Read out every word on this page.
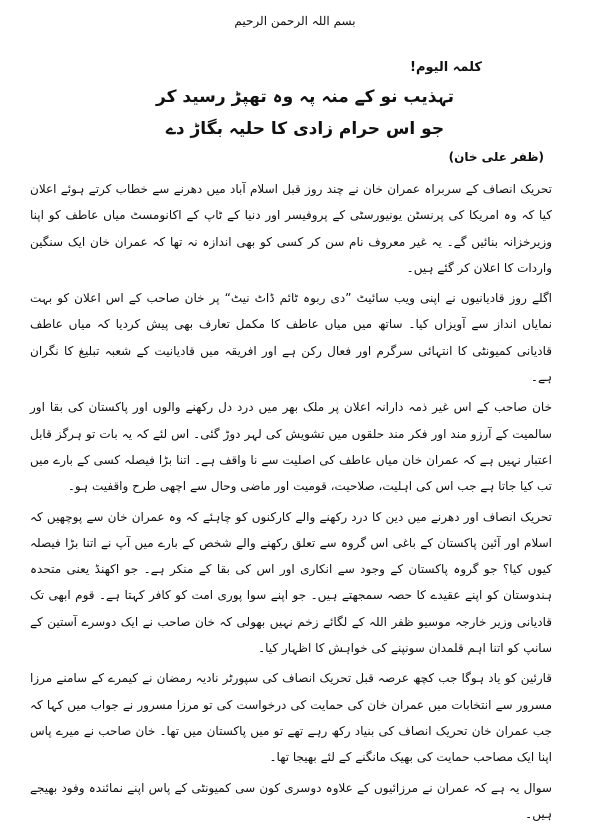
بسم اللہ الرحمن الرحیم
کلمہ الیوم!
تہذیب نو کے منہ پہ وہ تھپڑ رسید کر
جو اس حرام زادی کا حلیہ بگاڑ دے
(ظفر علی خان)

تحریک انصاف کے سربراہ عمران خان نے چند روز قبل اسلام آباد میں دھرنے سے خطاب کرتے ہوئے اعلان کیا کہ وہ امریکا کی پرنسٹن یونیورسٹی کے پروفیسر اور دنیا کے ٹاپ کے اکانومسٹ میاں عاطف کو اپنا وزیرخزانہ بنائیں گے۔ یہ غیر معروف نام سن کر کسی کو بھی اندازہ نہ تھا کہ عمران خان ایک سنگین واردات کا اعلان کر گئے ہیں۔

اگلے روز قادیانیوں نے اپنی ویب سائیٹ ”دی ربوہ ٹائم ڈاٹ نیٹ“ پر خان صاحب کے اس اعلان کو بہت نمایاں انداز سے آویزاں کیا۔ ساتھ میں میاں عاطف کا مکمل تعارف بھی پیش کردیا کہ میاں عاطف قادیانی کمیونٹی کا انتہائی سرگرم اور فعال رکن ہے اور افریقہ میں قادیانیت کے شعبہ تبلیغ کا نگران ہے۔

خان صاحب کے اس غیر ذمہ دارانہ اعلان پر ملک بھر میں درد دل رکھنے والوں اور پاکستان کی بقا اور سالمیت کے آرزو مند اور فکر مند حلقوں میں تشویش کی لہر دوڑ گئی۔ اس لئے کہ یہ بات تو ہرگز قابل اعتبار نہیں ہے کہ عمران خان میاں عاطف کی اصلیت سے نا واقف ہے۔ اتنا بڑا فیصلہ کسی کے بارے میں تب کیا جاتا ہے جب اس کی اہلیت، صلاحیت، قومیت اور ماضی وحال سے اچھی طرح واقفیت ہو۔

تحریک انصاف اور دھرنے میں دین کا درد رکھنے والے کارکنوں کو چاہئے کہ وہ عمران خان سے پوچھیں کہ اسلام اور آئین پاکستان کے باغی اس گروہ سے تعلق رکھنے والے شخص کے بارے میں آپ نے اتنا بڑا فیصلہ کیوں کیا؟ جو گروہ پاکستان کے وجود سے انکاری اور اس کی بقا کے منکر ہے۔ جو اکھنڈ یعنی متحدہ ہندوستان کو اپنے عقیدے کا حصہ سمجھتے ہیں۔ جو اپنے سوا پوری امت کو کافر کہتا ہے۔ قوم ابھی تک قادیانی وزیر خارجہ موسیو ظفر اللہ کے لگائے زخم نہیں بھولی کہ خان صاحب نے ایک دوسرے آستین کے سانپ کو اتنا اہم قلمدان سونپنے کی خواہش کا اظہار کیا۔

قارئین کو یاد ہوگا جب کچھ عرصہ قبل تحریک انصاف کی سپورٹر نادیہ رمضان نے کیمرے کے سامنے مرزا مسرور سے انتخابات میں عمران خان کی حمایت کی درخواست کی تو مرزا مسرور نے جواب میں کہا کہ جب عمران خان تحریک انصاف کی بنیاد رکھ رہے تھے تو میں پاکستان میں تھا۔ خان صاحب نے میرے پاس اپنا ایک مصاحب حمایت کی بھیک مانگنے کے لئے بھیجا تھا۔

سوال یہ ہے کہ عمران نے مرزائیوں کے علاوہ دوسری کون سی کمیونٹی کے پاس اپنے نمائندہ وفود بھیجے ہیں۔
